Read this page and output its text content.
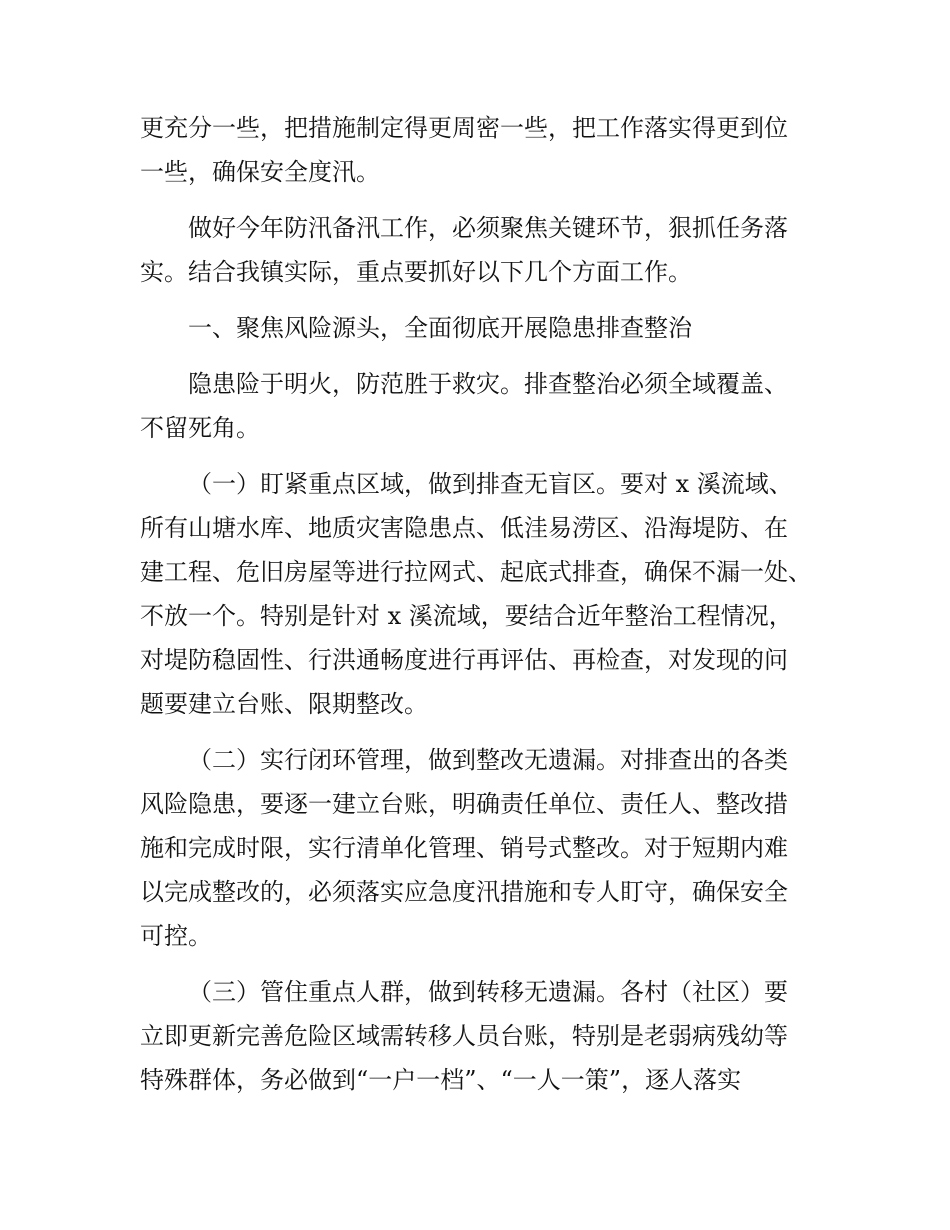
更充分一些，把措施制定得更周密一些，把工作落实得更到位
一些，确保安全度汛。
做好今年防汛备汛工作，必须聚焦关键环节，狠抓任务落
实。结合我镇实际，重点要抓好以下几个方面工作。
一、聚焦风险源头，全面彻底开展隐患排查整治
隐患险于明火，防范胜于救灾。排查整治必须全域覆盖、
不留死角。
（一）盯紧重点区域，做到排查无盲区。要对 x 溪流域、
所有山塘水库、地质灾害隐患点、低洼易涝区、沿海堤防、在
建工程、危旧房屋等进行拉网式、起底式排查，确保不漏一处、
不放一个。特别是针对 x 溪流域，要结合近年整治工程情况，
对堤防稳固性、行洪通畅度进行再评估、再检查，对发现的问
题要建立台账、限期整改。
（二）实行闭环管理，做到整改无遗漏。对排查出的各类
风险隐患，要逐一建立台账，明确责任单位、责任人、整改措
施和完成时限，实行清单化管理、销号式整改。对于短期内难
以完成整改的，必须落实应急度汛措施和专人盯守，确保安全
可控。
（三）管住重点人群，做到转移无遗漏。各村（社区）要
立即更新完善危险区域需转移人员台账，特别是老弱病残幼等
特殊群体，务必做到“一户一档”、“一人一策”，逐人落实
